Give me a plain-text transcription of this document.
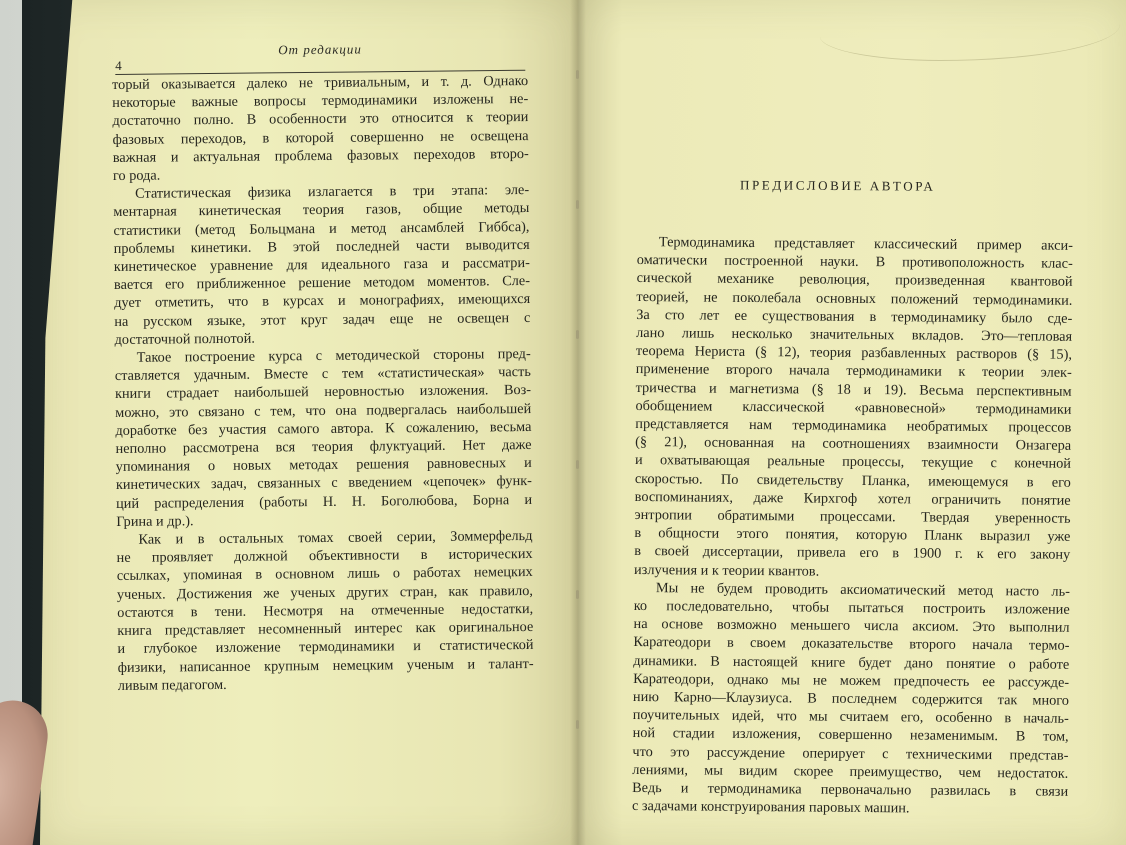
4
От редакции
торый оказывается далеко не тривиальным, и т. д. Однако
некоторые важные вопросы термодинамики изложены не-
достаточно полно. В особенности это относится к теории
фазовых переходов, в которой совершенно не освещена
важная и актуальная проблема фазовых переходов второ-
го рода.
Статистическая физика излагается в три этапа: эле-
ментарная кинетическая теория газов, общие методы
статистики (метод Больцмана и метод ансамблей Гиббса),
проблемы кинетики. В этой последней части выводится
кинетическое уравнение для идеального газа и рассматри-
вается его приближенное решение методом моментов. Сле-
дует отметить, что в курсах и монографиях, имеющихся
на русском языке, этот круг задач еще не освещен с
достаточной полнотой.
Такое построение курса с методической стороны пред-
ставляется удачным. Вместе с тем «статистическая» часть
книги страдает наибольшей неровностью изложения. Воз-
можно, это связано с тем, что она подвергалась наибольшей
доработке без участия самого автора. К сожалению, весьма
неполно рассмотрена вся теория флуктуаций. Нет даже
упоминания о новых методах решения равновесных и
кинетических задач, связанных с введением «цепочек» функ-
ций распределения (работы Н. Н. Боголюбова, Борна и
Грина и др.).
Как и в остальных томах своей серии, Зоммерфельд
не проявляет должной объективности в исторических
ссылках, упоминая в основном лишь о работах немецких
ученых. Достижения же ученых других стран, как правило,
остаются в тени. Несмотря на отмеченные недостатки,
книга представляет несомненный интерес как оригинальное
и глубокое изложение термодинамики и статистической
физики, написанное крупным немецким ученым и талант-
ливым педагогом.
ПРЕДИСЛОВИЕ АВТОРА
Термодинамика представляет классический пример акси-
оматически построенной науки. В противоположность клас-
сической механике революция, произведенная квантовой
теорией, не поколебала основных положений термодинамики.
За сто лет ее существования в термодинамику было сде-
лано лишь несколько значительных вкладов. Это—тепловая
теорема Нериста (§ 12), теория разбавленных растворов (§ 15),
применение второго начала термодинамики к теории элек-
тричества и магнетизма (§ 18 и 19). Весьма перспективным
обобщением классической «равновесной» термодинамики
представляется нам термодинамика необратимых процессов
(§ 21), основанная на соотношениях взаимности Онзагера
и охватывающая реальные процессы, текущие с конечной
скоростью. По свидетельству Планка, имеющемуся в его
воспоминаниях, даже Кирхгоф хотел ограничить понятие
энтропии обратимыми процессами. Твердая уверенность
в общности этого понятия, которую Планк выразил уже
в своей диссертации, привела его в 1900 г. к его закону
излучения и к теории квантов.
Мы не будем проводить аксиоматический метод насто ль-
ко последовательно, чтобы пытаться построить изложение
на основе возможно меньшего числа аксиом. Это выполнил
Каратеодори в своем доказательстве второго начала термо-
динамики. В настоящей книге будет дано понятие о работе
Каратеодори, однако мы не можем предпочесть ее рассужде-
нию Карно—Клаузиуса. В последнем содержится так много
поучительных идей, что мы считаем его, особенно в началь-
ной стадии изложения, совершенно незаменимым. В том,
что это рассуждение оперирует с техническими представ-
лениями, мы видим скорее преимущество, чем недостаток.
Ведь и термодинамика первоначально развилась в связи
с задачами конструирования паровых машин.
